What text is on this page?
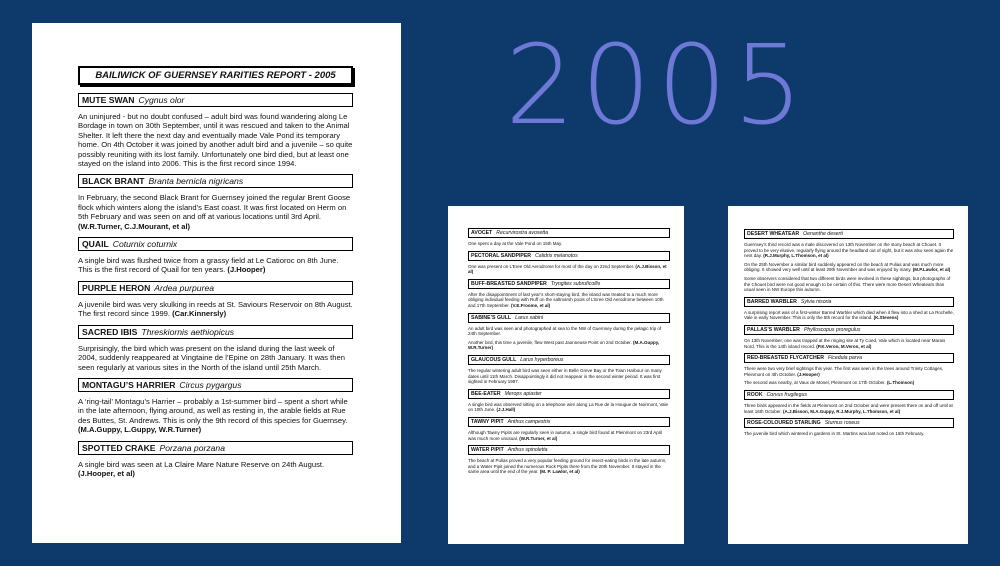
2005
BAILIWICK OF GUERNSEY RARITIES REPORT - 2005
MUTE SWAN Cygnus olor

An uninjured - but no doubt confused – adult bird was found wandering along Le Bordage in town on 30th September, until it was rescued and taken to the Animal Shelter. It left there the next day and eventually made Vale Pond its temporary home. On 4th October it was joined by another adult bird and a juvenile – so quite possibly reuniting with its lost family. Unfortunately one bird died, but at least one stayed on the island into 2006. This is the first record since 1994.

BLACK BRANT Branta bernicla nigricans

In February, the second Black Brant for Guernsey joined the regular Brent Goose flock which winters along the island’s East coast. It was first located on Herm on 5th February and was seen on and off at various locations until 3rd April. (W.R.Turner, C.J.Mourant, et al)

QUAIL Coturnix coturnix

A single bird was flushed twice from a grassy field at Le Catioroc on 8th June. This is the first record of Quail for ten years. (J.Hooper)

PURPLE HERON Ardea purpurea

A juvenile bird was very skulking in reeds at St. Saviours Reservoir on 8th August. The first record since 1999. (Car.Kinnersly)

SACRED IBIS Threskiornis aethiopicus

Surprisingly, the bird which was present on the island during the last week of 2004, suddenly reappeared at Vingtaine de l’Epine on 28th January. It was then seen regularly at various sites in the North of the island until 25th March.

MONTAGU’S HARRIER Circus pygargus

A ‘ring-tail’ Montagu’s Harrier – probably a 1st-summer bird – spent a short while in the late afternoon, flying around, as well as resting in, the arable fields at Rue des Buttes, St. Andrews. This is only the 9th record of this species for Guernsey. (M.A.Guppy, L.Guppy, W.R.Turner)

SPOTTED CRAKE Porzana porzana

A single bird was seen at La Claire Mare Nature Reserve on 24th August. (J.Hooper, et al)

AVOCET Recurvirostra avosetta

One spent a day at the Vale Pond on 15th May.

PECTORAL SANDPIPER Calidris melanotos

One was present on L’Eree Old Aerodrome for most of the day on 22nd September. (A.J.Bisson, et al)

BUFF-BREASTED SANDPIPER Tryngites subruficollis

After the disappointment of last year’s short-staying bird, the island was treated to a much more obliging individual feeding with Ruff on the saltmarsh pools of L’Eree Old Aerodrome between 10th and 17th September. (V.E.Froome, et al)

SABINE’S GULL Larus sabini

An adult bird was seen and photographed at sea to the NW of Guernsey during the pelagic trip of 24th September.

Another bird, this time a juvenile, flew West past Jaonneuse Point on 2nd October. (M.A.Guppy, W.R.Turner)

GLAUCOUS GULL Larus hyperboreus

The regular wintering adult bird was seen either in Belle Greve Bay or the Town Harbour on many dates until 11th March. Disappointingly it did not reappear in the second winter period. It was first sighted in February 1997.

BEE-EATER Merops apiaster

A single bird was observed sitting on a telephone wire along La Rue de la Hougue de Noirmont, Vale on 10th June. (J.J.Hall)

TAWNY PIPIT Anthus campestris

Although Tawny Pipits are regularly seen in autumn, a single bird found at Pleinmont on 23rd April was much more unusual. (W.R.Turner, et al)

WATER PIPIT Anthus spinoletta

The beach at Pulias proved a very popular feeding ground for insect-eating birds in the late autumn, and a Water Pipit joined the numerous Rock Pipits there from the 20th November. It stayed in the same area until the end of the year. (M. P. Lawlor, et al)

DESERT WHEATEAR Oenanthe deserti

Guernsey’s third record was a male discovered on 13th November on the stony beach at Chouet. It proved to be very elusive, regularly flying around the headland out of sight, but it was also seen again the next day. (R.J.Murphy, L.Thomson, et al)

On the 25th November a similar bird suddenly appeared on the beach at Pulias and was much more obliging. It showed very well until at least 29th November and was enjoyed by many. (M.P.Lawlor, et al)

Some observers considered that two different birds were involved in these sightings, but photographs of the Chouet bird were not good enough to be certain of this. There were more Desert Wheatears than usual seen in NW Europe this autumn.

BARRED WARBLER Sylvia nisoria

A surprising report was of a first-winter Barred Warbler which died when it flew into a shed at La Rochelle, Vale in early November. This is only the 5th record for the island. (K.Stevens)

PALLAS’S WARBLER Phylloscopus proregulus

On 13th November, one was trapped at the ringing site at Ty Coed, Vale which is located near Marais Nord. This is the 14th island record. (P.K.Veron, M.Veron, et al)

RED-BREASTED FLYCATCHER Ficedula parva

There were two very brief sightings this year. The first was seen in the trees around Trinity Cottages, Pleinmont on 4th October. (J.Hooper)

The second was nearby, at Vaux de Monel, Pleinmont on 17th October. (L.Thomson)

ROOK Corvus frugilegus

Three birds appeared in the fields at Pleinmont on 2nd October and were present there on and off until at least 16th October. (A.J.Bisson, M.A.Guppy, R.J.Murphy, L.Thomson, et al)

ROSE-COLOURED STARLING Sturnus roseus

The juvenile bird which wintered in gardens in St. Martins was last noted on 16th February.
